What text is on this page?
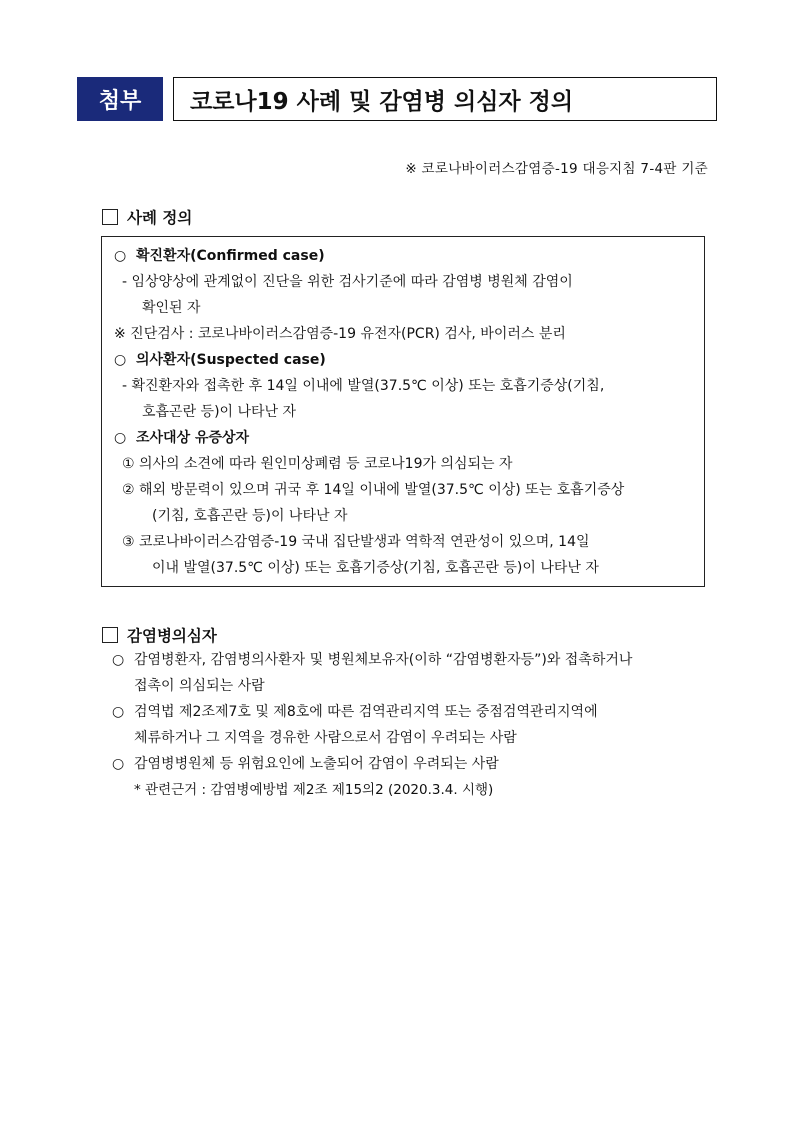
첨부	코로나19 사례 및 감염병 의심자 정의
※ 코로나바이러스감염증-19 대응지침 7-4판 기준
사례 정의
○ 확진환자(Confirmed case)
- 임상양상에 관계없이 진단을 위한 검사기준에 따라 감염병 병원체 감염이
확인된 자
※ 진단검사 : 코로나바이러스감염증-19 유전자(PCR) 검사, 바이러스 분리
○ 의사환자(Suspected case)
- 확진환자와 접촉한 후 14일 이내에 발열(37.5℃ 이상) 또는 호흡기증상(기침,
호흡곤란 등)이 나타난 자
○ 조사대상 유증상자
① 의사의 소견에 따라 원인미상폐렴 등 코로나19가 의심되는 자
② 해외 방문력이 있으며 귀국 후 14일 이내에 발열(37.5℃ 이상) 또는 호흡기증상
(기침, 호흡곤란 등)이 나타난 자
③ 코로나바이러스감염증-19 국내 집단발생과 역학적 연관성이 있으며, 14일
이내 발열(37.5℃ 이상) 또는 호흡기증상(기침, 호흡곤란 등)이 나타난 자
감염병의심자
○ 감염병환자, 감염병의사환자 및 병원체보유자(이하 “감염병환자등”)와 접촉하거나
접촉이 의심되는 사람
○ 검역법 제2조제7호 및 제8호에 따른 검역관리지역 또는 중점검역관리지역에
체류하거나 그 지역을 경유한 사람으로서 감염이 우려되는 사람
○ 감염병병원체 등 위험요인에 노출되어 감염이 우려되는 사람
* 관련근거 : 감염병예방법 제2조 제15의2 (2020.3.4. 시행)
